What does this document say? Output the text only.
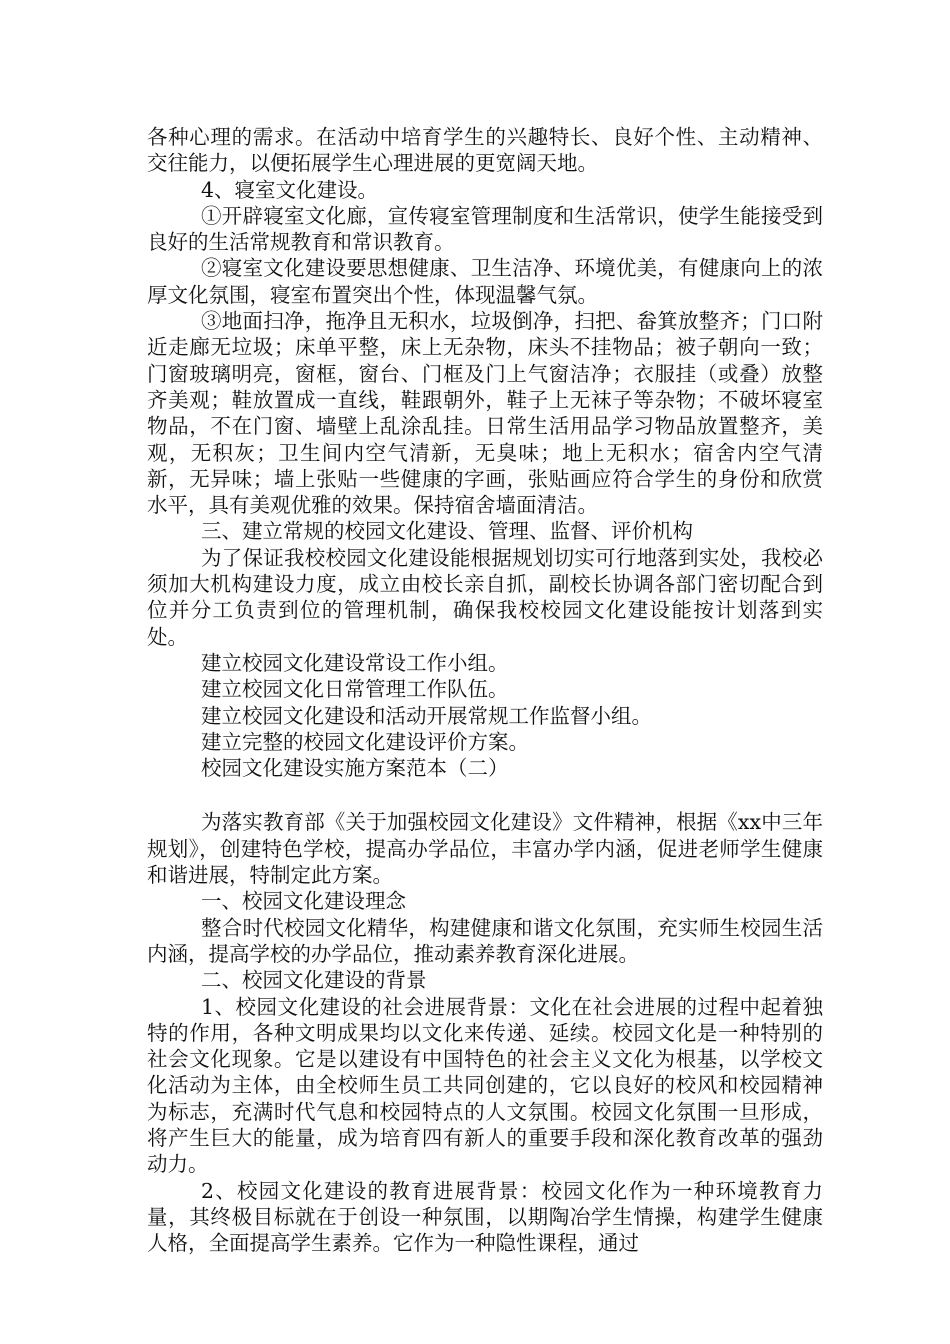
各种心理的需求。在活动中培育学生的兴趣特长、良好个性、主动精神、交往能力，以便拓展学生心理进展的更宽阔天地。

4、寝室文化建设。

①开辟寝室文化廊，宣传寝室管理制度和生活常识，使学生能接受到良好的生活常规教育和常识教育。

②寝室文化建设要思想健康、卫生洁净、环境优美，有健康向上的浓厚文化氛围，寝室布置突出个性，体现温馨气氛。

③地面扫净，拖净且无积水，垃圾倒净，扫把、畚箕放整齐；门口附近走廊无垃圾；床单平整，床上无杂物，床头不挂物品；被子朝向一致；门窗玻璃明亮，窗框，窗台、门框及门上气窗洁净；衣服挂（或叠）放整齐美观；鞋放置成一直线，鞋跟朝外，鞋子上无袜子等杂物；不破坏寝室物品，不在门窗、墙壁上乱涂乱挂。日常生活用品学习物品放置整齐，美观，无积灰；卫生间内空气清新，无臭味；地上无积水；宿舍内空气清新，无异味；墙上张贴一些健康的字画，张贴画应符合学生的身份和欣赏水平，具有美观优雅的效果。保持宿舍墙面清洁。

三、建立常规的校园文化建设、管理、监督、评价机构

为了保证我校校园文化建设能根据规划切实可行地落到实处，我校必须加大机构建设力度，成立由校长亲自抓，副校长协调各部门密切配合到位并分工负责到位的管理机制，确保我校校园文化建设能按计划落到实处。

建立校园文化建设常设工作小组。

建立校园文化日常管理工作队伍。

建立校园文化建设和活动开展常规工作监督小组。

建立完整的校园文化建设评价方案。

校园文化建设实施方案范本（二）

为落实教育部《关于加强校园文化建设》文件精神，根据《xx中三年规划》，创建特色学校，提高办学品位，丰富办学内涵，促进老师学生健康和谐进展，特制定此方案。

一、校园文化建设理念

整合时代校园文化精华，构建健康和谐文化氛围，充实师生校园生活内涵，提高学校的办学品位，推动素养教育深化进展。

二、校园文化建设的背景

1、校园文化建设的社会进展背景：文化在社会进展的过程中起着独特的作用，各种文明成果均以文化来传递、延续。校园文化是一种特别的社会文化现象。它是以建设有中国特色的社会主义文化为根基，以学校文化活动为主体，由全校师生员工共同创建的，它以良好的校风和校园精神为标志，充满时代气息和校园特点的人文氛围。校园文化氛围一旦形成，将产生巨大的能量，成为培育四有新人的重要手段和深化教育改革的强劲动力。

2、校园文化建设的教育进展背景：校园文化作为一种环境教育力量，其终极目标就在于创设一种氛围，以期陶冶学生情操，构建学生健康人格，全面提高学生素养。它作为一种隐性课程，通过
